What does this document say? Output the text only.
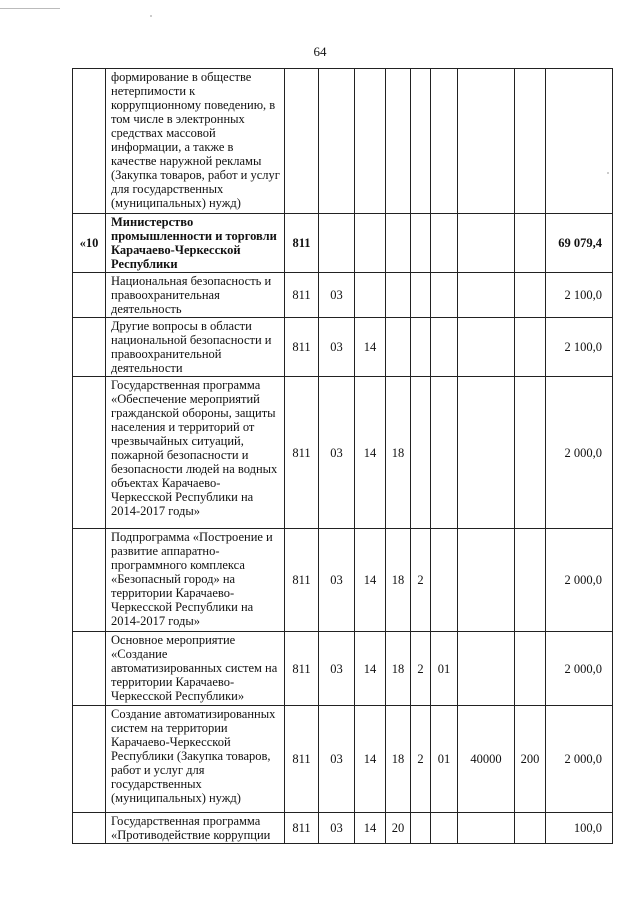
64
	формирование в обществе нетерпимости к коррупционному поведению, в том числе в электронных средствах массовой информации, а также в качестве наружной рекламы (Закупка товаров, работ и услуг для государственных (муниципальных) нужд)									
«10	Министерство промышленности и торговли Карачаево-Черкесской Республики	811								69 079,4
	Национальная безопасность и правоохранительная деятельность	811	03							2 100,0
	Другие вопросы в области национальной безопасности и правоохранительной деятельности	811	03	14						2 100,0
	Государственная программа «Обеспечение мероприятий гражданской обороны, защиты населения и территорий от чрезвычайных ситуаций, пожарной безопасности и безопасности людей на водных объектах Карачаево-Черкесской Республики на 2014-2017 годы»	811	03	14	18					2 000,0
	Подпрограмма «Построение и развитие аппаратно-программного комплекса «Безопасный город» на территории Карачаево-Черкесской Республики на 2014-2017 годы»	811	03	14	18	2				2 000,0
	Основное мероприятие «Создание автоматизированных систем на территории Карачаево-Черкесской Республики»	811	03	14	18	2	01			2 000,0
	Создание автоматизированных систем на территории Карачаево-Черкесской Республики (Закупка товаров, работ и услуг для государственных (муниципальных) нужд)	811	03	14	18	2	01	40000	200	2 000,0
	Государственная программа «Противодействие коррупции	811	03	14	20					100,0
